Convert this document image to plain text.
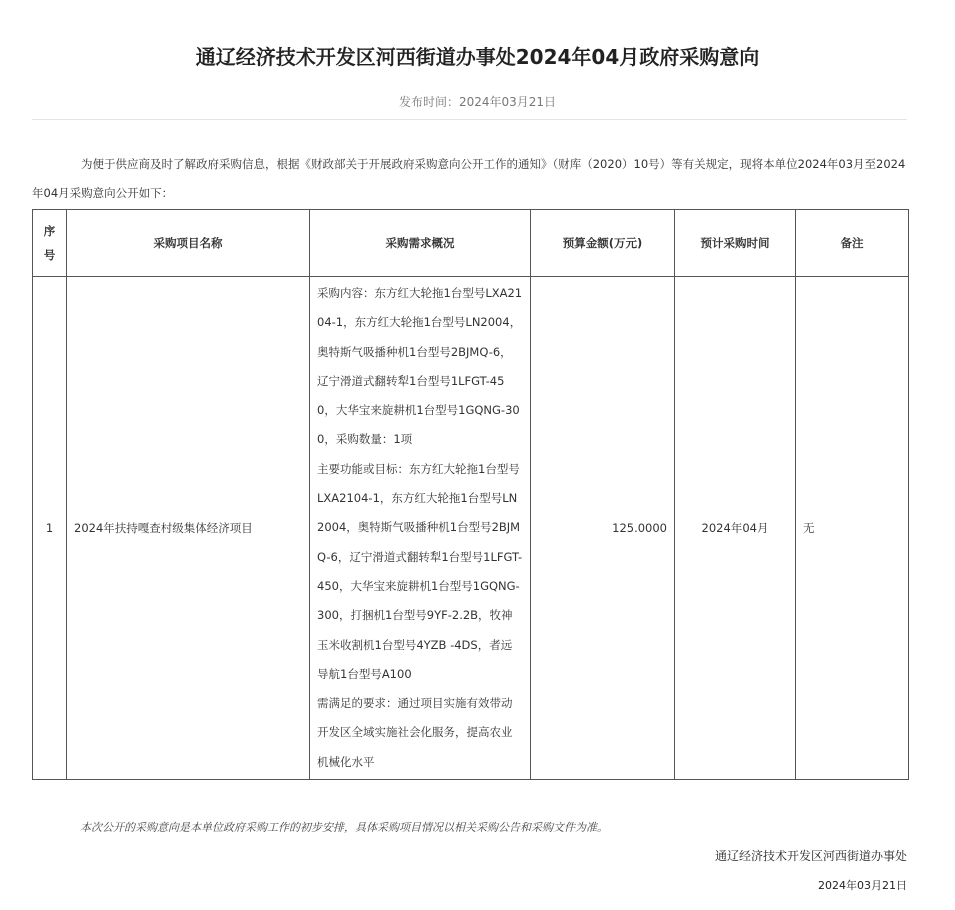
通辽经济技术开发区河西街道办事处2024年04月政府采购意向
发布时间：2024年03月21日

为便于供应商及时了解政府采购信息，根据《财政部关于开展政府采购意向公开工作的通知》（财库（2020）10号）等有关规定，现将本单位2024年03月至2024年04月采购意向公开如下：

序号	采购项目名称	采购需求概况	预算金额(万元)	预计采购时间	备注
1	2024年扶持嘎查村级集体经济项目	采购内容：东方红大轮拖1台型号LXA2104-1，东方红大轮拖1台型号LN2004，奥特斯气吸播种机1台型号2BJMQ-6，辽宁滑道式翻转犁1台型号1LFGT-450，大华宝来旋耕机1台型号1GQNG-300，采购数量：1项
主要功能或目标：东方红大轮拖1台型号LXA2104-1，东方红大轮拖1台型号LN2004，奥特斯气吸播种机1台型号2BJMQ-6，辽宁滑道式翻转犁1台型号1LFGT-450，大华宝来旋耕机1台型号1GQNG-300，打捆机1台型号9YF-2.2B，牧神玉米收割机1台型号4YZB -4DS，者远导航1台型号A100
需满足的要求：通过项目实施有效带动开发区全域实施社会化服务，提高农业机械化水平	125.0000	2024年04月	无
本次公开的采购意向是本单位政府采购工作的初步安排，具体采购项目情况以相关采购公告和采购文件为准。
通辽经济技术开发区河西街道办事处
2024年03月21日
